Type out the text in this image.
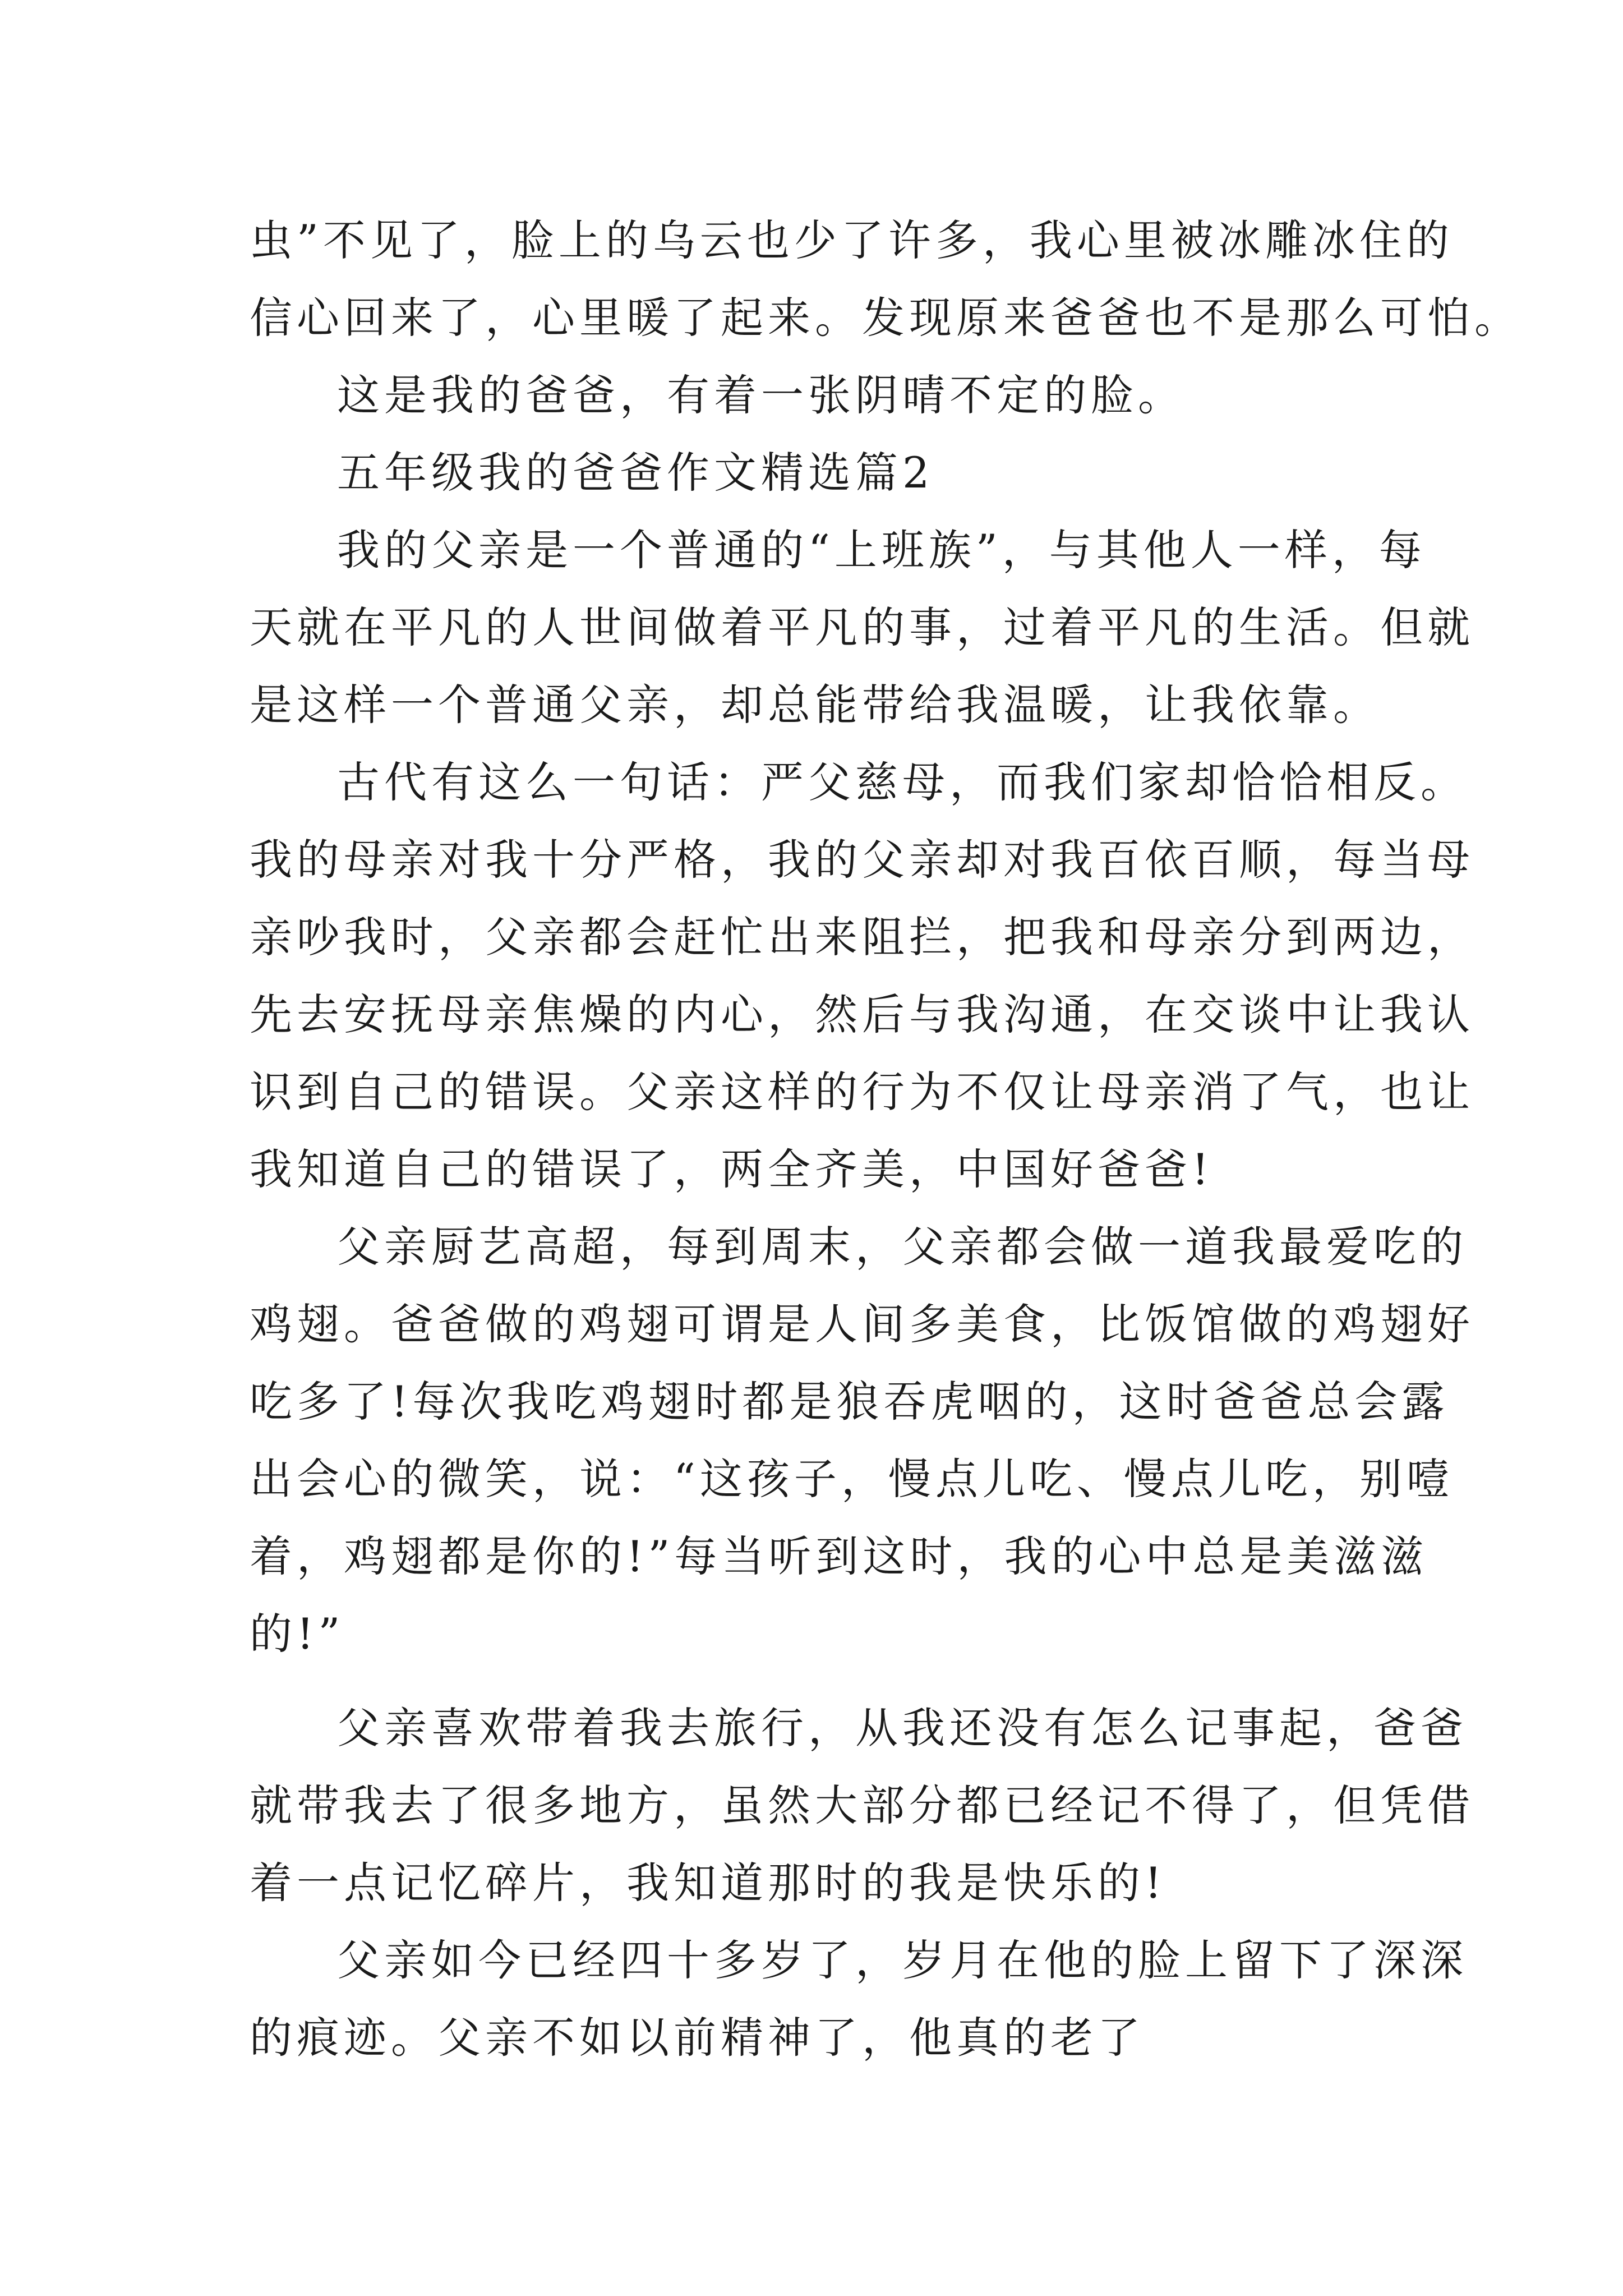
虫”不见了，脸上的乌云也少了许多，我心里被冰雕冰住的
信心回来了，心里暖了起来。发现原来爸爸也不是那么可怕。
这是我的爸爸，有着一张阴晴不定的脸。
五年级我的爸爸作文精选篇2
我的父亲是一个普通的“上班族”，与其他人一样，每
天就在平凡的人世间做着平凡的事，过着平凡的生活。但就
是这样一个普通父亲，却总能带给我温暖，让我依靠。
古代有这么一句话：严父慈母，而我们家却恰恰相反。
我的母亲对我十分严格，我的父亲却对我百依百顺，每当母
亲吵我时，父亲都会赶忙出来阻拦，把我和母亲分到两边，
先去安抚母亲焦燥的内心，然后与我沟通，在交谈中让我认
识到自己的错误。父亲这样的行为不仅让母亲消了气，也让
我知道自己的错误了，两全齐美，中国好爸爸!
父亲厨艺高超，每到周末，父亲都会做一道我最爱吃的
鸡翅。爸爸做的鸡翅可谓是人间多美食，比饭馆做的鸡翅好
吃多了!每次我吃鸡翅时都是狼吞虎咽的，这时爸爸总会露
出会心的微笑，说：“这孩子，慢点儿吃、慢点儿吃，别噎
着，鸡翅都是你的!”每当听到这时，我的心中总是美滋滋
的!”
父亲喜欢带着我去旅行，从我还没有怎么记事起，爸爸
就带我去了很多地方，虽然大部分都已经记不得了，但凭借
着一点记忆碎片，我知道那时的我是快乐的!
父亲如今已经四十多岁了，岁月在他的脸上留下了深深
的痕迹。父亲不如以前精神了，他真的老了
